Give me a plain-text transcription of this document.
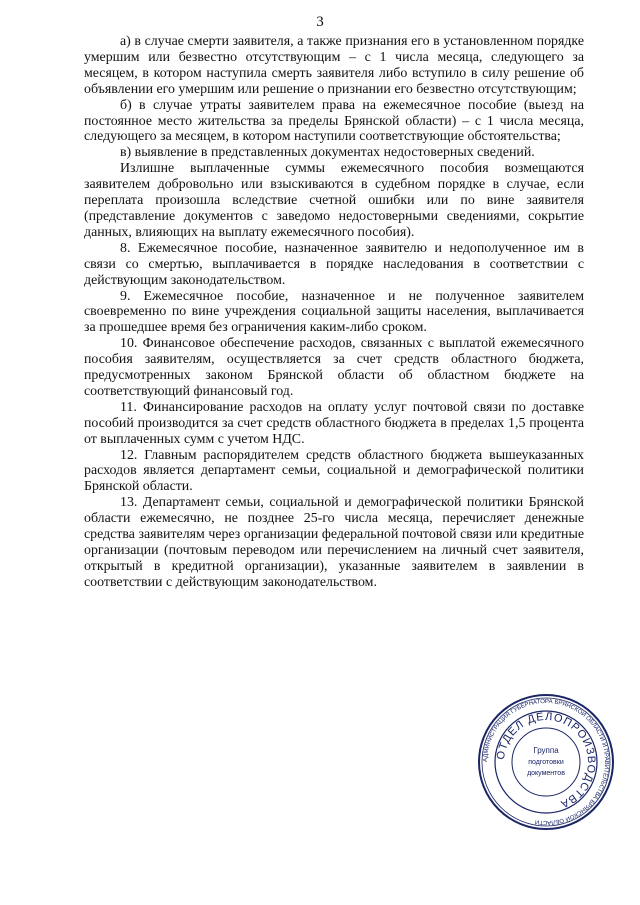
3

а) в случае смерти заявителя, а также признания его в установленном порядке умершим или безвестно отсутствующим – с 1 числа месяца, следующего за месяцем, в котором наступила смерть заявителя либо вступило в силу решение об объявлении его умершим или решение о признании его безвестно отсутствующим;

б) в случае утраты заявителем права на ежемесячное пособие (выезд на постоянное место жительства за пределы Брянской области) – с 1 числа месяца, следующего за месяцем, в котором наступили соответствующие обстоятельства;

в) выявление в представленных документах недостоверных сведений.

Излишне выплаченные суммы ежемесячного пособия возмещаются заявителем добровольно или взыскиваются в судебном порядке в случае, если переплата произошла вследствие счетной ошибки или по вине заявителя (представление документов с заведомо недостоверными сведениями, сокрытие данных, влияющих на выплату ежемесячного пособия).

8. Ежемесячное пособие, назначенное заявителю и недополученное им в связи со смертью, выплачивается в порядке наследования в соответствии с действующим законодательством.

9. Ежемесячное пособие, назначенное и не полученное заявителем своевременно по вине учреждения социальной защиты населения, выплачивается за прошедшее время без ограничения каким-либо сроком.

10. Финансовое обеспечение расходов, связанных с выплатой ежемесячного пособия заявителям, осуществляется за счет средств областного бюджета, предусмотренных законом Брянской области об областном бюджете на соответствующий финансовый год.

11. Финансирование расходов на оплату услуг почтовой связи по доставке пособий производится за счет средств областного бюджета в пределах 1,5 процента от выплаченных сумм с учетом НДС.

12. Главным распорядителем средств областного бюджета вышеуказанных расходов является департамент семьи, социальной и демографической политики Брянской области.

13. Департамент семьи, социальной и демографической политики Брянской области ежемесячно, не позднее 25-го числа месяца, перечисляет денежные средства заявителям через организации федеральной почтовой связи или кредитные организации (почтовым переводом или перечислением на личный счет заявителя, открытый в кредитной организации), указанные заявителем в заявлении в соответствии с действующим законодательством.

АДМИНИСТРАЦИЯ ГУБЕРНАТОРА БРЯНСКОЙ ОБЛАСТИ И ПРАВИТЕЛЬСТВА БРЯНСКОЙ ОБЛАСТИ
ОТДЕЛ ДЕЛОПРОИЗВОДСТВА
Группа
подготовки
документов
